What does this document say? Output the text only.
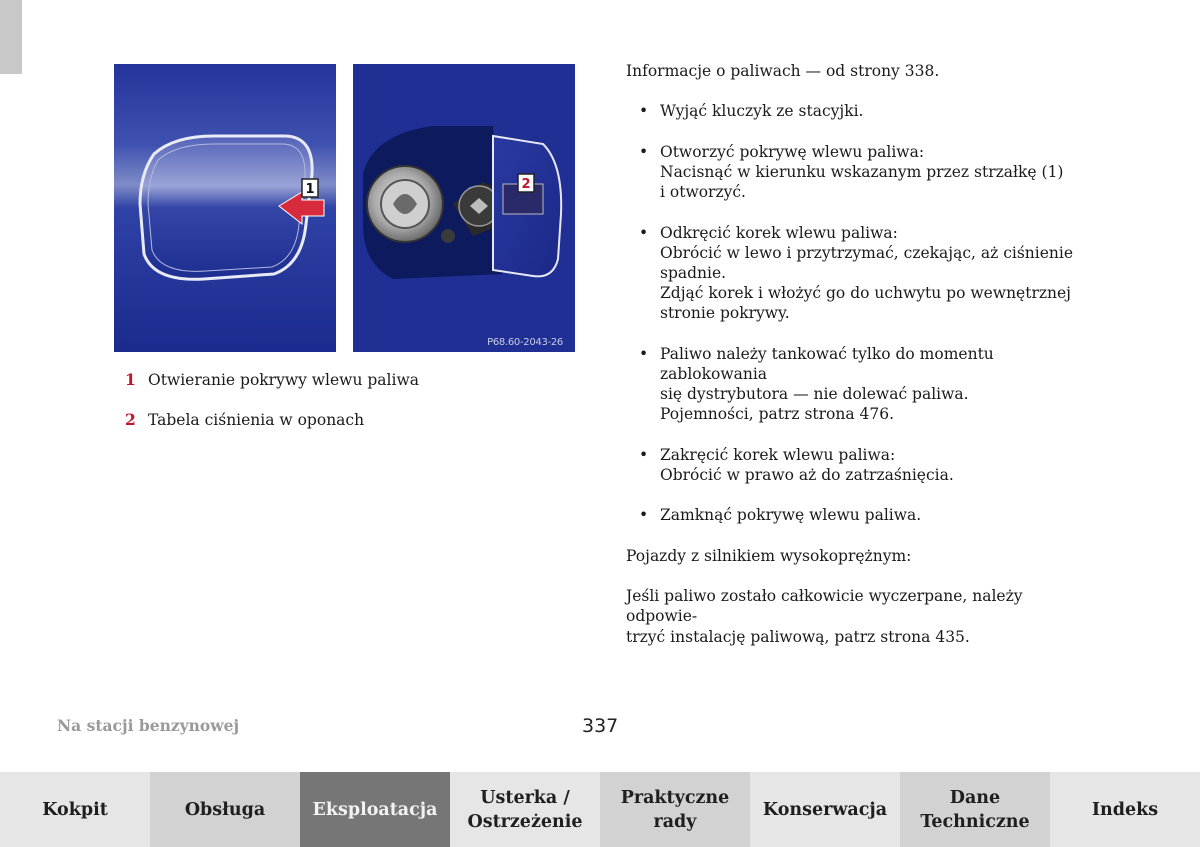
1	2
P68.60-2043-26
1 Otwieranie pokrywy wlewu paliwa
2 Tabela ciśnienia w oponach

Informacje o paliwach — od strony 338.

• Wyjąć kluczyk ze stacyjki.
• Otworzyć pokrywę wlewu paliwa:
Nacisnąć w kierunku wskazanym przez strzałkę (1)
i otworzyć.
• Odkręcić korek wlewu paliwa:
Obrócić w lewo i przytrzymać, czekając, aż ciśnienie
spadnie.
Zdjąć korek i włożyć go do uchwytu po wewnętrznej
stronie pokrywy.
• Paliwo należy tankować tylko do momentu zablokowania
się dystrybutora — nie dolewać paliwa.
Pojemności, patrz strona 476.
• Zakręcić korek wlewu paliwa:
Obrócić w prawo aż do zatrzaśnięcia.
• Zamknąć pokrywę wlewu paliwa.

Pojazdy z silnikiem wysokoprężnym:

Jeśli paliwo zostało całkowicie wyczerpane, należy odpowie-
trzyć instalację paliwową, patrz strona 435.

Na stacji benzynowej	337
Kokpit	Obsługa	Eksploatacja
Usterka /
Ostrzeżenie
Praktyczne
rady
Konserwacja
Dane
Techniczne
Indeks
